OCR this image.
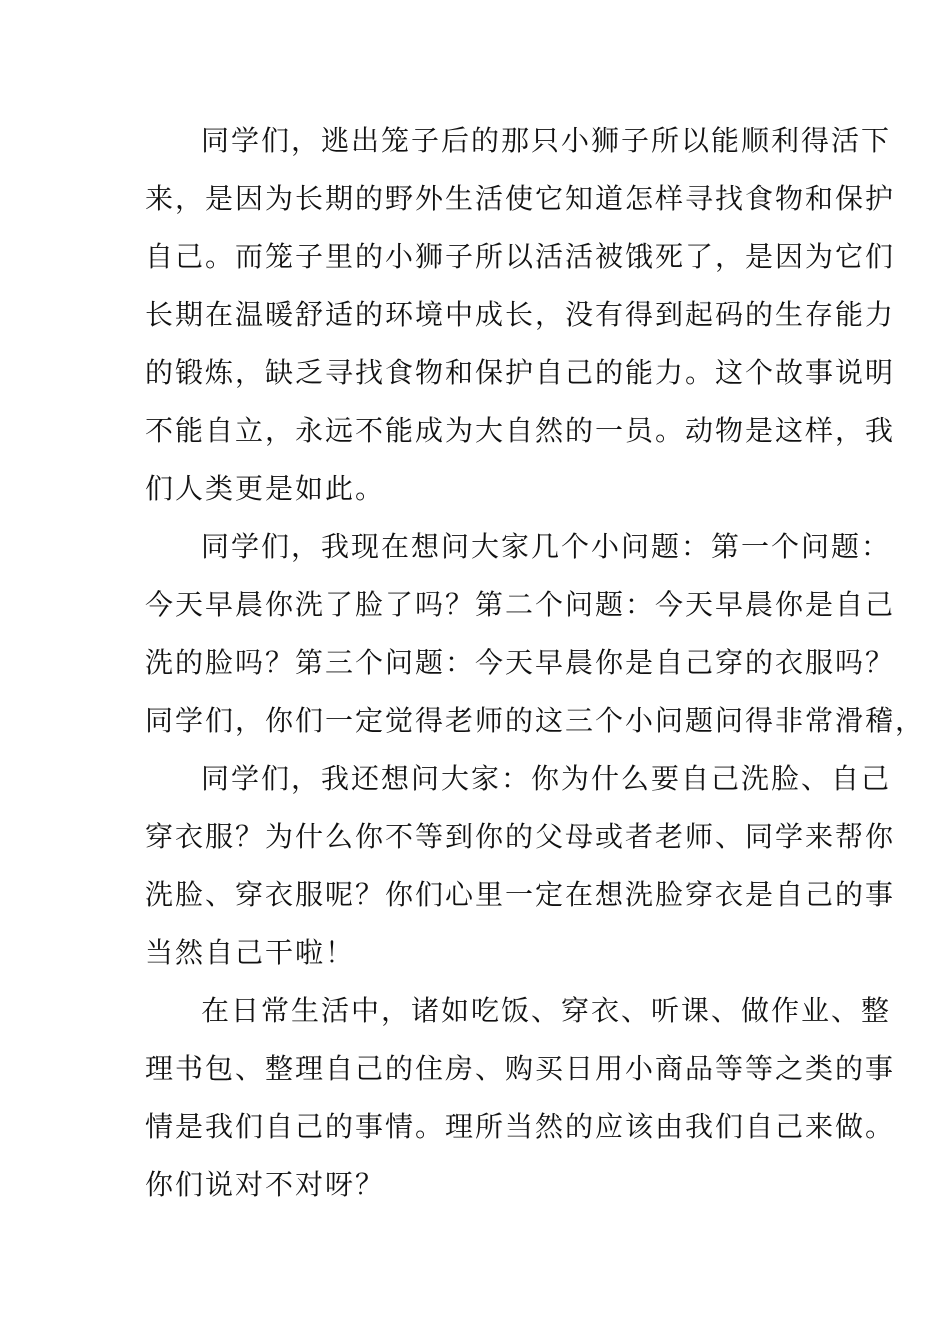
同学们，逃出笼子后的那只小狮子所以能顺利得活下
来，是因为长期的野外生活使它知道怎样寻找食物和保护
自己。而笼子里的小狮子所以活活被饿死了，是因为它们
长期在温暖舒适的环境中成长，没有得到起码的生存能力
的锻炼，缺乏寻找食物和保护自己的能力。这个故事说明
不能自立，永远不能成为大自然的一员。动物是这样，我
们人类更是如此。
同学们，我现在想问大家几个小问题：第一个问题：
今天早晨你洗了脸了吗？第二个问题：今天早晨你是自己
洗的脸吗？第三个问题：今天早晨你是自己穿的衣服吗？
同学们，你们一定觉得老师的这三个小问题问得非常滑稽，
同学们，我还想问大家：你为什么要自己洗脸、自己
穿衣服？为什么你不等到你的父母或者老师、同学来帮你
洗脸、穿衣服呢？你们心里一定在想洗脸穿衣是自己的事
当然自己干啦！
在日常生活中，诸如吃饭、穿衣、听课、做作业、整
理书包、整理自己的住房、购买日用小商品等等之类的事
情是我们自己的事情。理所当然的应该由我们自己来做。
你们说对不对呀？
